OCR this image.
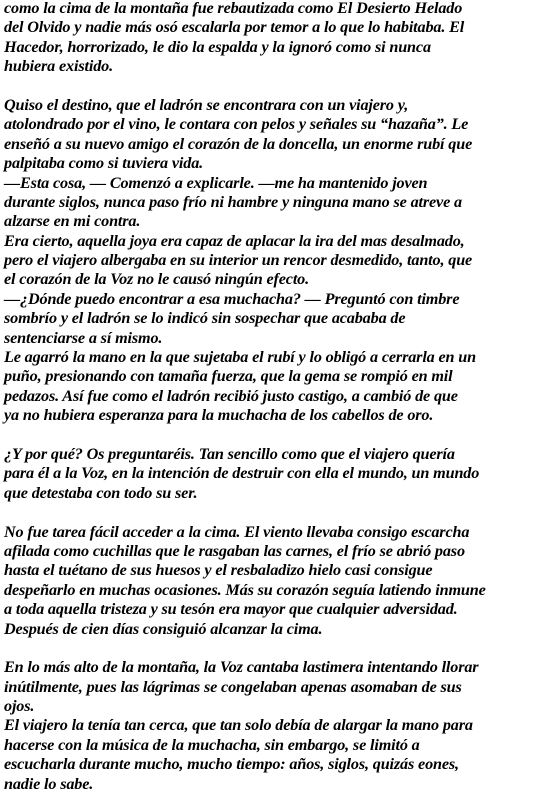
como la cima de la montaña fue rebautizada como El Desierto Helado
del Olvido y nadie más osó escalarla por temor a lo que lo habitaba. El
Hacedor, horrorizado, le dio la espalda y la ignoró como si nunca
hubiera existido.
Quiso el destino, que el ladrón se encontrara con un viajero y,
atolondrado por el vino, le contara con pelos y señales su “hazaña”. Le
enseñó a su nuevo amigo el corazón de la doncella, un enorme rubí que
palpitaba como si tuviera vida.
—Esta cosa, — Comenzó a explicarle. —me ha mantenido joven
durante siglos, nunca paso frío ni hambre y ninguna mano se atreve a
alzarse en mi contra.
Era cierto, aquella joya era capaz de aplacar la ira del mas desalmado,
pero el viajero albergaba en su interior un rencor desmedido, tanto, que
el corazón de la Voz no le causó ningún efecto.
—¿Dónde puedo encontrar a esa muchacha? — Preguntó con timbre
sombrío y el ladrón se lo indicó sin sospechar que acababa de
sentenciarse a sí mismo.
Le agarró la mano en la que sujetaba el rubí y lo obligó a cerrarla en un
puño, presionando con tamaña fuerza, que la gema se rompió en mil
pedazos. Así fue como el ladrón recibió justo castigo, a cambió de que
ya no hubiera esperanza para la muchacha de los cabellos de oro.
¿Y por qué? Os preguntaréis. Tan sencillo como que el viajero quería
para él a la Voz, en la intención de destruir con ella el mundo, un mundo
que detestaba con todo su ser.
No fue tarea fácil acceder a la cima. El viento llevaba consigo escarcha
afilada como cuchillas que le rasgaban las carnes, el frío se abrió paso
hasta el tuétano de sus huesos y el resbaladizo hielo casi consigue
despeñarlo en muchas ocasiones. Más su corazón seguía latiendo inmune
a toda aquella tristeza y su tesón era mayor que cualquier adversidad.
Después de cien días consiguió alcanzar la cima.
En lo más alto de la montaña, la Voz cantaba lastimera intentando llorar
inútilmente, pues las lágrimas se congelaban apenas asomaban de sus
ojos.
El viajero la tenía tan cerca, que tan solo debía de alargar la mano para
hacerse con la música de la muchacha, sin embargo, se limitó a
escucharla durante mucho, mucho tiempo: años, siglos, quizás eones,
nadie lo sabe.
